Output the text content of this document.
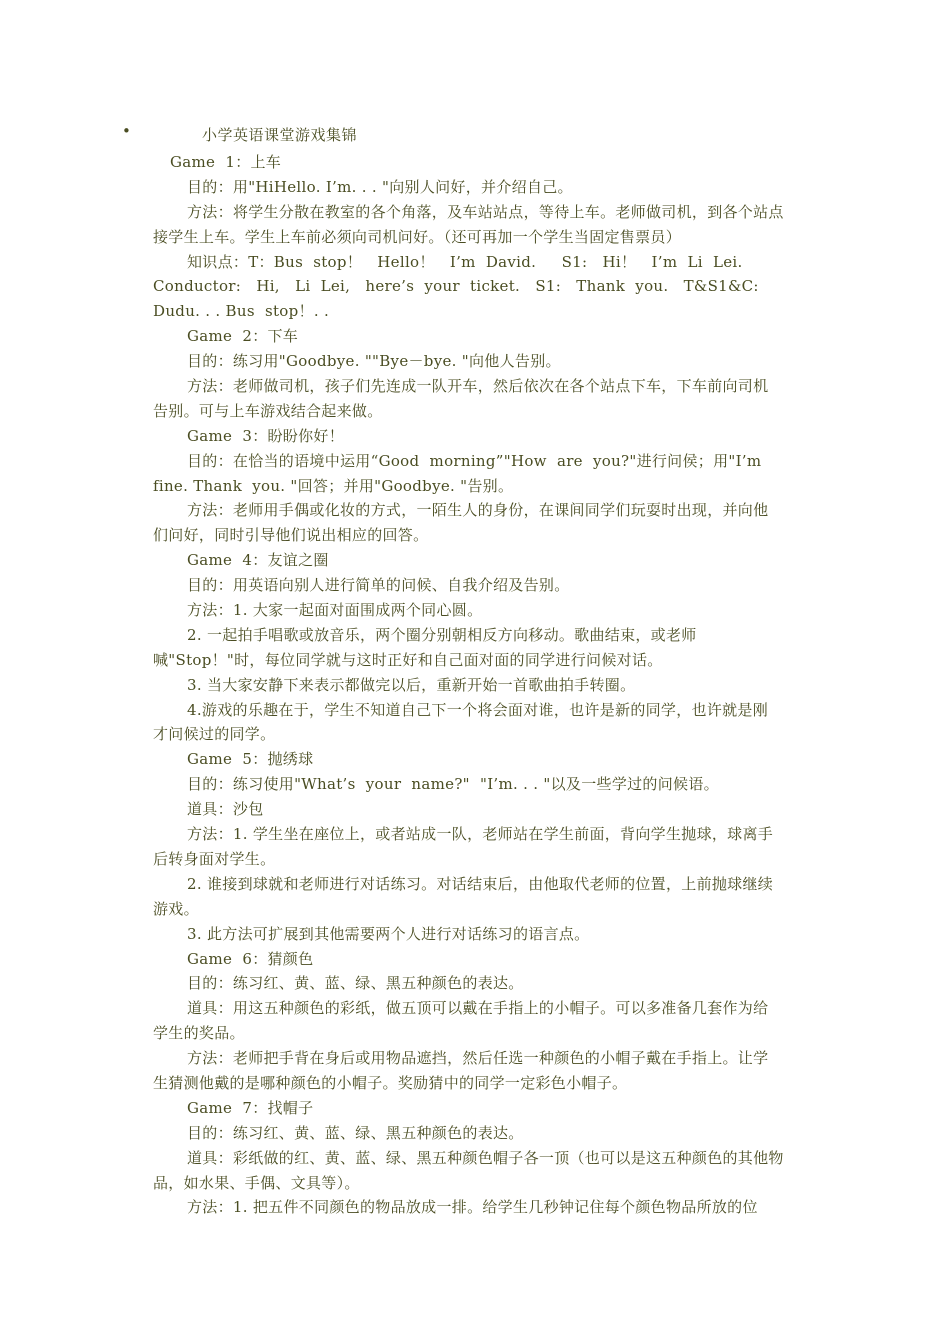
•	小学英语课堂游戏集锦
Game  1：上车
目的：用"HiHello. I’m. . . "向别人问好，并介绍自己。
方法：将学生分散在教室的各个角落，及车站站点，等待上车。老师做司机，到各个站点
接学生上车。学生上车前必须向司机问好。（还可再加一个学生当固定售票员）
知识点：T：Bus  stop！   Hello！   I’m  David.     S1:   Hi！   I’m  Li  Lei.
Conductor:   Hi,   Li  Lei,   here’s  your  ticket.   S1:   Thank  you.   T&S1&C:
Dudu. . . Bus  stop！. .
Game  2：下车
目的：练习用"Goodbye. ""Bye－bye. "向他人告别。
方法：老师做司机，孩子们先连成一队开车，然后依次在各个站点下车，下车前向司机
告别。可与上车游戏结合起来做。
Game  3：盼盼你好！
目的：在恰当的语境中运用“Good  morning”"How  are  you?"进行问侯；用"I’m
fine. Thank  you. "回答；并用"Goodbye. "告别。
方法：老师用手偶或化妆的方式，一陌生人的身份，在课间同学们玩耍时出现，并向他
们问好，同时引导他们说出相应的回答。
Game  4：友谊之圈
目的：用英语向别人进行简单的问候、自我介绍及告别。
方法：1. 大家一起面对面围成两个同心圆。
2. 一起拍手唱歌或放音乐，两个圈分别朝相反方向移动。歌曲结束，或老师
喊"Stop！"时，每位同学就与这时正好和自己面对面的同学进行问候对话。
3. 当大家安静下来表示都做完以后，重新开始一首歌曲拍手转圈。
4.游戏的乐趣在于，学生不知道自己下一个将会面对谁，也许是新的同学，也许就是刚
才问候过的同学。
Game  5：抛绣球
目的：练习使用"What’s  your  name?"  "I’m. . . "以及一些学过的问候语。
道具：沙包
方法：1. 学生坐在座位上，或者站成一队，老师站在学生前面，背向学生抛球，球离手
后转身面对学生。
2. 谁接到球就和老师进行对话练习。对话结束后，由他取代老师的位置，上前抛球继续
游戏。
3. 此方法可扩展到其他需要两个人进行对话练习的语言点。
Game  6：猜颜色
目的：练习红、黄、蓝、绿、黑五种颜色的表达。
道具：用这五种颜色的彩纸，做五顶可以戴在手指上的小帽子。可以多准备几套作为给
学生的奖品。
方法：老师把手背在身后或用物品遮挡，然后任选一种颜色的小帽子戴在手指上。让学
生猜测他戴的是哪种颜色的小帽子。奖励猜中的同学一定彩色小帽子。
Game  7：找帽子
目的：练习红、黄、蓝、绿、黑五种颜色的表达。
道具：彩纸做的红、黄、蓝、绿、黑五种颜色帽子各一顶（也可以是这五种颜色的其他物
品，如水果、手偶、文具等）。
方法：1. 把五件不同颜色的物品放成一排。给学生几秒钟记住每个颜色物品所放的位
